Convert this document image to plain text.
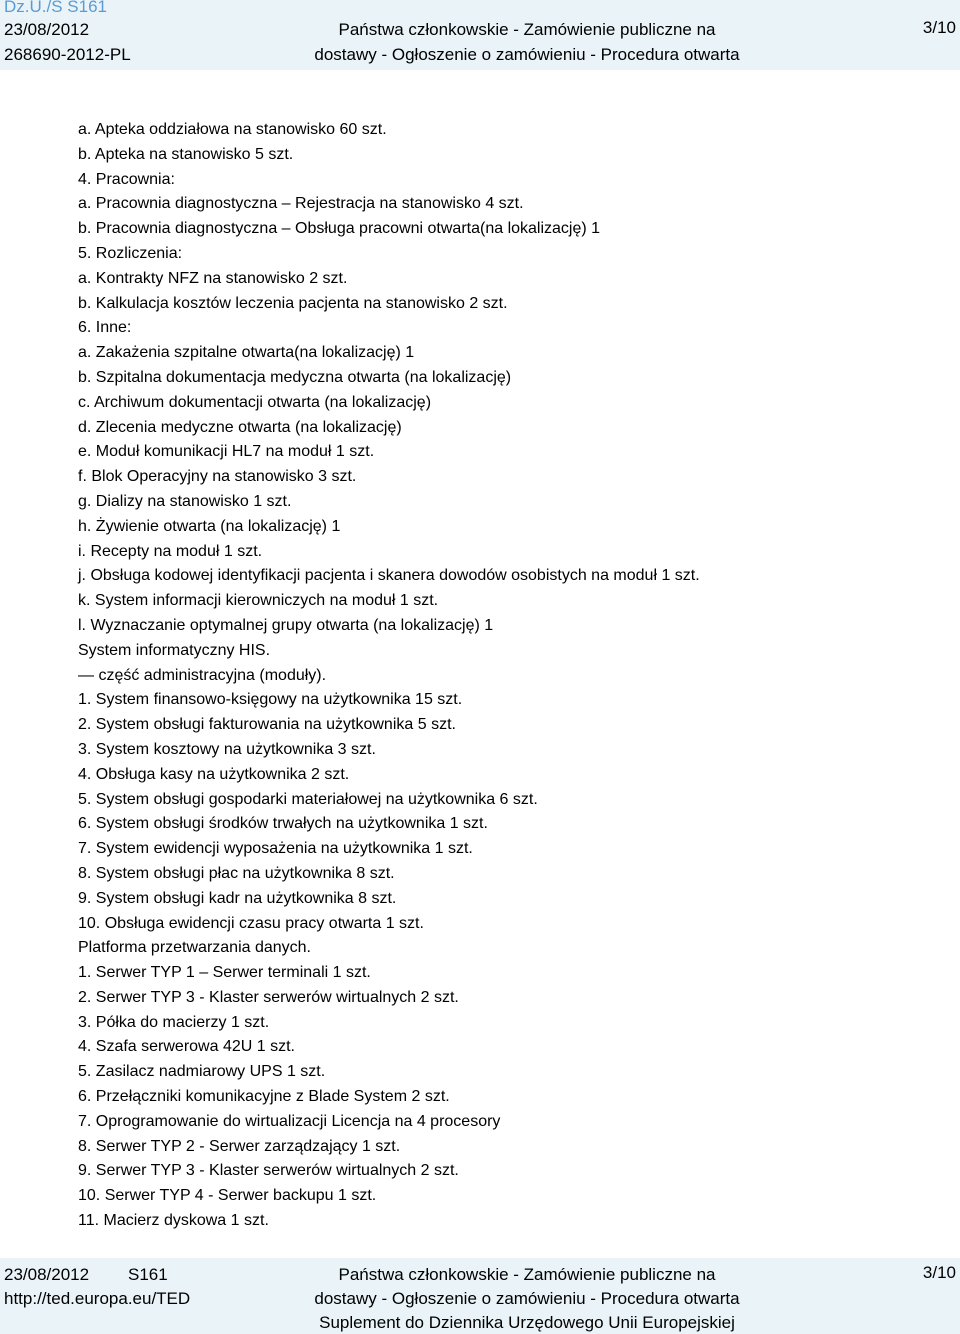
Dz.U./S S161
23/08/2012
268690-2012-PL
Państwa członkowskie - Zamówienie publiczne na
dostawy - Ogłoszenie o zamówieniu - Procedura otwarta
3/10
a. Apteka oddziałowa na stanowisko 60 szt.
b. Apteka na stanowisko 5 szt.
4. Pracownia:
a. Pracownia diagnostyczna – Rejestracja na stanowisko 4 szt.
b. Pracownia diagnostyczna – Obsługa pracowni otwarta(na lokalizację) 1
5. Rozliczenia:
a. Kontrakty NFZ na stanowisko 2 szt.
b. Kalkulacja kosztów leczenia pacjenta na stanowisko 2 szt.
6. Inne:
a. Zakażenia szpitalne otwarta(na lokalizację) 1
b. Szpitalna dokumentacja medyczna otwarta (na lokalizację)
c. Archiwum dokumentacji otwarta (na lokalizację)
d. Zlecenia medyczne otwarta (na lokalizację)
e. Moduł komunikacji HL7 na moduł 1 szt.
f. Blok Operacyjny na stanowisko 3 szt.
g. Dializy na stanowisko 1 szt.
h. Żywienie otwarta (na lokalizację) 1
i. Recepty na moduł 1 szt.
j. Obsługa kodowej identyfikacji pacjenta i skanera dowodów osobistych na moduł 1 szt.
k. System informacji kierowniczych na moduł 1 szt.
l. Wyznaczanie optymalnej grupy otwarta (na lokalizację) 1
System informatyczny HIS.
— część administracyjna (moduły).
1. System finansowo-księgowy na użytkownika 15 szt.
2. System obsługi fakturowania na użytkownika 5 szt.
3. System kosztowy na użytkownika 3 szt.
4. Obsługa kasy na użytkownika 2 szt.
5. System obsługi gospodarki materiałowej na użytkownika 6 szt.
6. System obsługi środków trwałych na użytkownika 1 szt.
7. System ewidencji wyposażenia na użytkownika 1 szt.
8. System obsługi płac na użytkownika 8 szt.
9. System obsługi kadr na użytkownika 8 szt.
10. Obsługa ewidencji czasu pracy otwarta 1 szt.
Platforma przetwarzania danych.
1. Serwer TYP 1 – Serwer terminali 1 szt.
2. Serwer TYP 3 - Klaster serwerów wirtualnych 2 szt.
3. Półka do macierzy 1 szt.
4. Szafa serwerowa 42U 1 szt.
5. Zasilacz nadmiarowy UPS 1 szt.
6. Przełączniki komunikacyjne z Blade System 2 szt.
7. Oprogramowanie do wirtualizacji Licencja na 4 procesory
8. Serwer TYP 2 - Serwer zarządzający 1 szt.
9. Serwer TYP 3 - Klaster serwerów wirtualnych 2 szt.
10. Serwer TYP 4 - Serwer backupu 1 szt.
11. Macierz dyskowa 1 szt.
23/08/2012 S161
http://ted.europa.eu/TED
Państwa członkowskie - Zamówienie publiczne na
dostawy - Ogłoszenie o zamówieniu - Procedura otwarta
Suplement do Dziennika Urzędowego Unii Europejskiej
3/10
